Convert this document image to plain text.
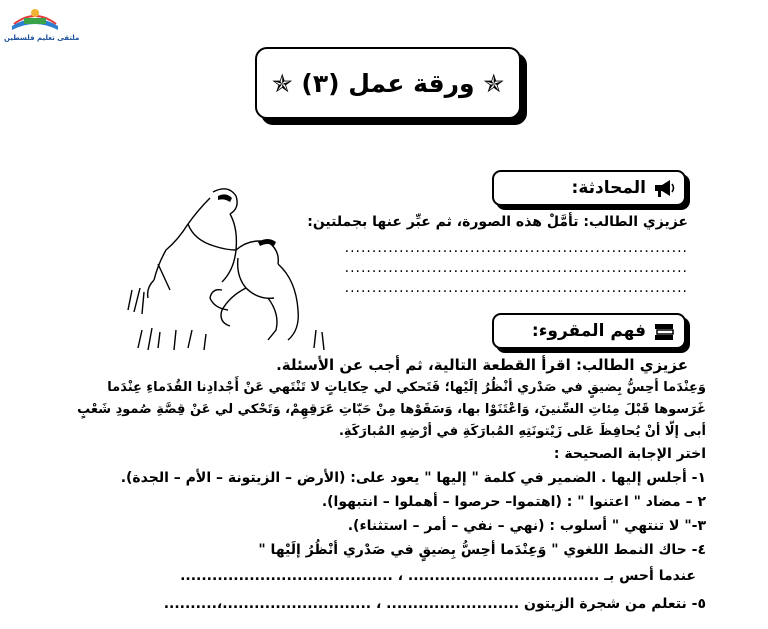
ملتقى تعليم فلسطين
✯ ورقة عمل (٣) ✯
المحادثة:
عزيزي الطالب: تأمَّلْ هذه الصورة، ثم عبِّر عنها بجملتين:
...............................................................
...............................................................
...............................................................
فهم المقروء:
عزيزي الطالب: اقرأ القطعة التالية، ثم أجب عن الأسئلة.
وَعِنْدَما أحِسُّ بِضيقٍ في صَدْري أنْظُرُ إلَيْها؛ فَتَحكي لي حِكاياتٍ لا تَنْتَهي عَنْ أَجْدادِنا القُدَماءِ عِنْدَما
غَرَسوها قَبْلَ مِئاتِ السِّنينَ، وَاعْتَنَوْا بها، وَسَقَوْها مِنْ حَبّاتِ عَرَقِهِمْ، وَتَحْكي لي عَنْ قِصَّةِ صُمودِ شَعْبٍ
أبى إلّا أنْ يُحافِظَ عَلى زَيْتونَتِهِ المُبارَكَةِ في أرْضِهِ المُبارَكَةِ.
اختر الإجابة الصحيحة :
١- أجلس إليها . الضمير في كلمة " إليها " يعود على: (الأرض – الزيتونة – الأم – الجدة).
٢ – مضاد " اعتنوا " : (اهتموا– حرصوا – أهملوا – انتبهوا).
٣-" لا تنتهي " أسلوب : (نهي – نفي – أمر – استثناء).
٤- حاك النمط اللغوي " وَعِنْدَما أحِسُّ بِضيقٍ في صَدْري أنْظُرُ إلَيْها "
عندما أحس بـ .................................... ، ........................................
٥- نتعلم من شجرة الزيتون ......................... ، ............................،..........
